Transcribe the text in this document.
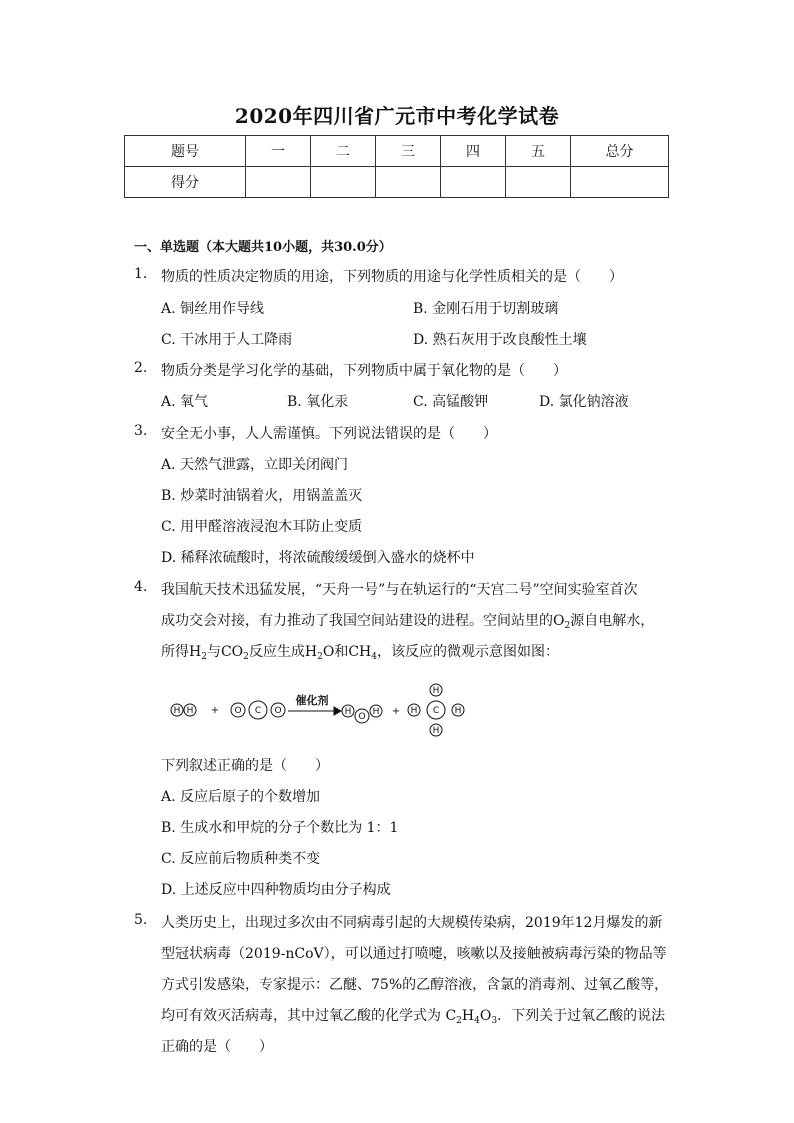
2020年四川省广元市中考化学试卷
题号	一	二	三	四	五	总分
得分						
一、单选题（本大题共10小题，共30.0分）
1. 物质的性质决定物质的用途，下列物质的用途与化学性质相关的是（　　）
A. 铜丝用作导线	B. 金刚石用于切割玻璃
C. 干冰用于人工降雨	D. 熟石灰用于改良酸性土壤
2. 物质分类是学习化学的基础，下列物质中属于氧化物的是（　　）
A. 氧气	B. 氧化汞	C. 高锰酸钾	D. 氯化钠溶液
3. 安全无小事，人人需谨慎。下列说法错误的是（　　）
A. 天然气泄露，立即关闭阀门
B. 炒菜时油锅着火，用锅盖盖灭
C. 用甲醛溶液浸泡木耳防止变质
D. 稀释浓硫酸时，将浓硫酸缓缓倒入盛水的烧杯中
4. 我国航天技术迅猛发展，“天舟一号”与在轨运行的“天宫二号”空间实验室首次
成功交会对接，有力推动了我国空间站建设的进程。空间站里的$O_2$源自电解水，
所得$H_2$与$CO_2$反应生成$H_2O$和$CH_4$，该反应的微观示意图如图：
H H + O C O
催化剂
H O H +
H
H
H	H
C
下列叙述正确的是（　　）
A. 反应后原子的个数增加
B. 生成水和甲烷的分子个数比为 1：1
C. 反应前后物质种类不变
D. 上述反应中四种物质均由分子构成
5. 人类历史上，出现过多次由不同病毒引起的大规模传染病，2019年12月爆发的新
型冠状病毒（2019-nCoV），可以通过打喷嚏，咳嗽以及接触被病毒污染的物品等
方式引发感染，专家提示：乙醚、75%的乙醇溶液，含氯的消毒剂、过氧乙酸等，
均可有效灭活病毒，其中过氧乙酸的化学式为 $C_2H_4O_3$．下列关于过氧乙酸的说法
正确的是（　　）
